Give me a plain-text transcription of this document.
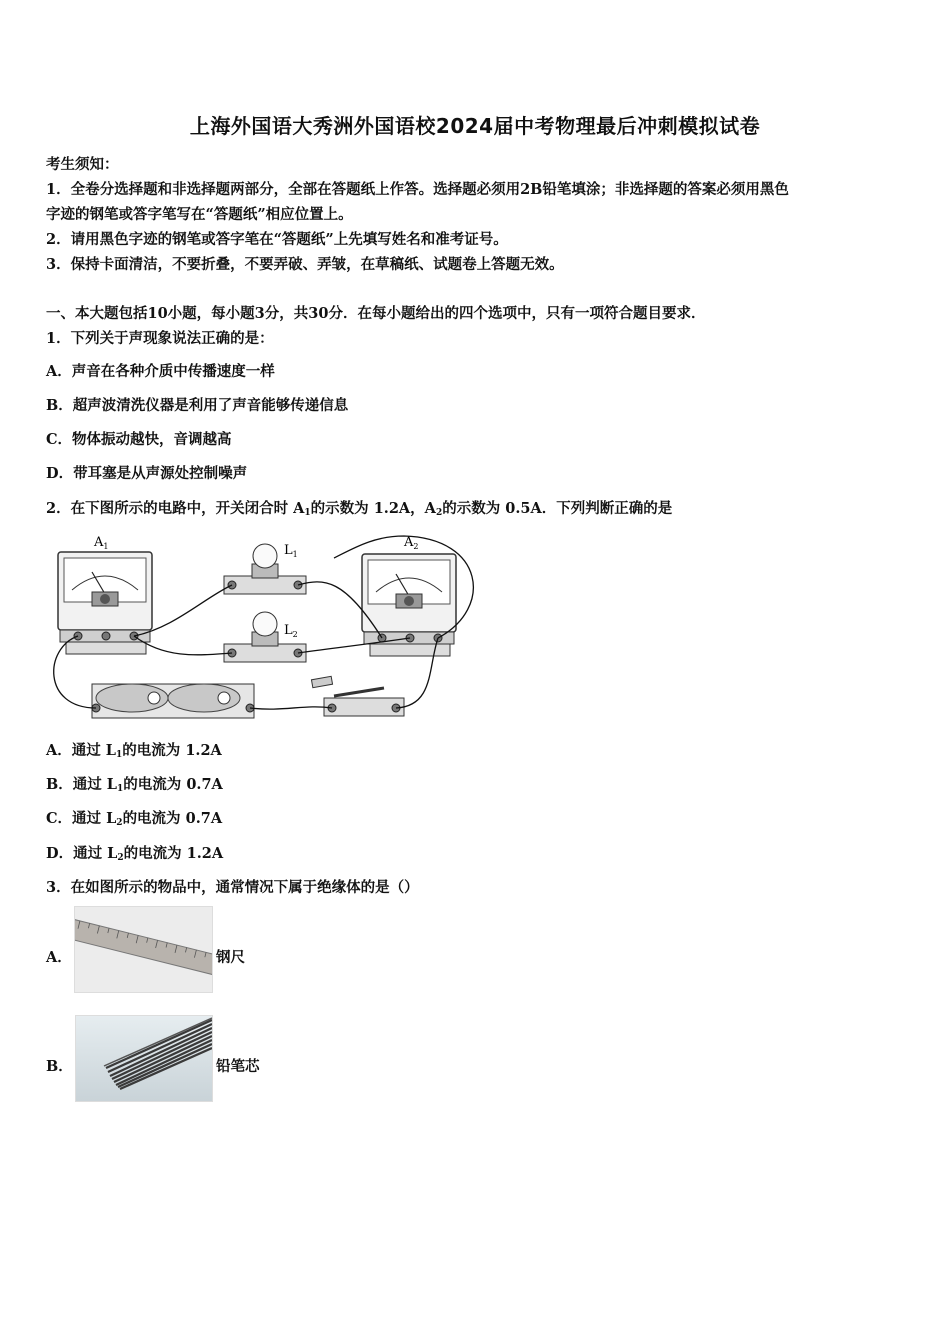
上海外国语大秀洲外国语校2024届中考物理最后冲刺模拟试卷
考生须知：
1．全卷分选择题和非选择题两部分，全部在答题纸上作答。选择题必须用2B铅笔填涂；非选择题的答案必须用黑色
字迹的钢笔或答字笔写在“答题纸”相应位置上。
2．请用黑色字迹的钢笔或答字笔在“答题纸”上先填写姓名和准考证号。
3．保持卡面清洁，不要折叠，不要弄破、弄皱，在草稿纸、试题卷上答题无效。
一、本大题包括10小题，每小题3分，共30分．在每小题给出的四个选项中，只有一项符合题目要求．
1．下列关于声现象说法正确的是：
A．声音在各种介质中传播速度一样
B．超声波清洗仪器是利用了声音能够传递信息
C．物体振动越快，音调越高
D．带耳塞是从声源处控制噪声
2．在下图所示的电路中，开关闭合时 $A_1$的示数为 1.2A，$A_2$的示数为 0.5A．下列判断正确的是
$A_1$	$A_2$
$L_1$
$L_2$
A．通过 $L_1$的电流为 1.2A
B．通过 $L_1$的电流为 0.7A
C．通过 $L_2$的电流为 0.7A
D．通过 $L_2$的电流为 1.2A
3．在如图所示的物品中，通常情况下属于绝缘体的是（）
A．	钢尺
B．	铅笔芯
